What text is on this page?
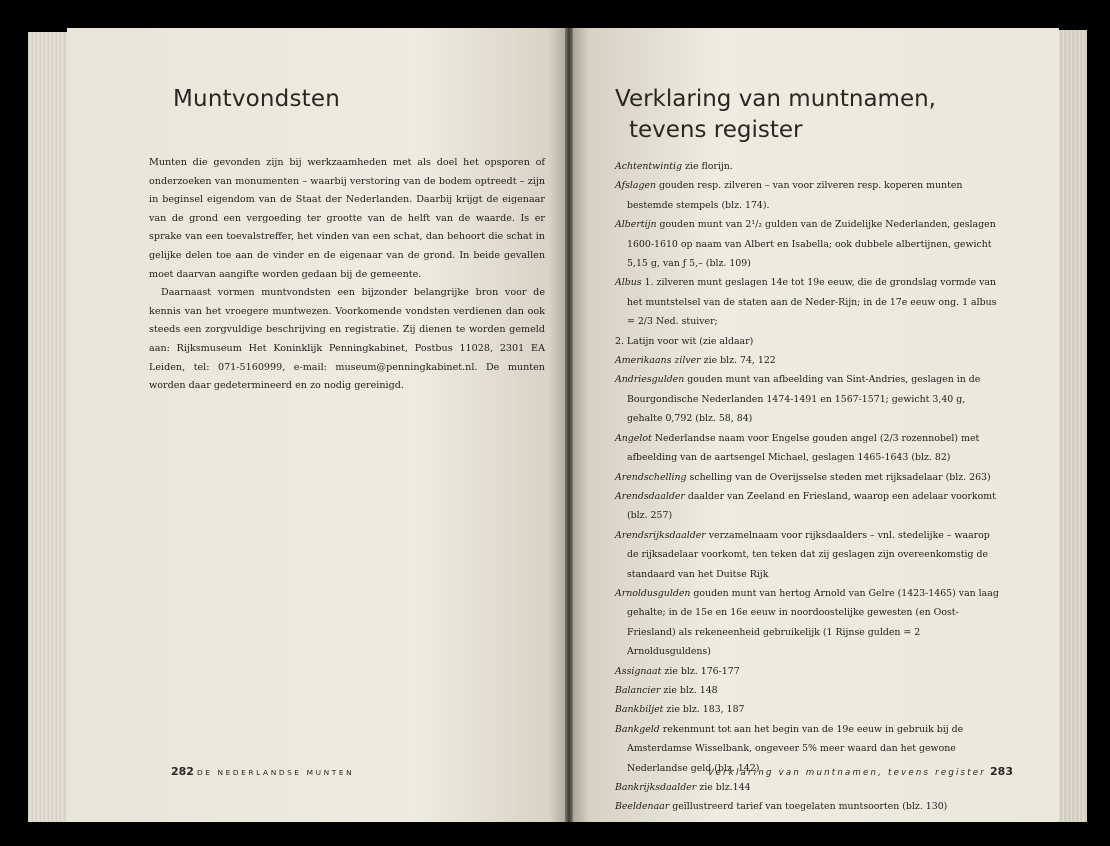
Muntvondsten

Munten die gevonden zijn bij werkzaamheden met als doel het opsporen of onderzoeken van monumenten – waarbij verstoring van de bodem optreedt – zijn in beginsel eigendom van de Staat der Nederlanden. Daarbij krijgt de eigenaar van de grond een vergoeding ter grootte van de helft van de waarde. Is er sprake van een toevalstreffer, het vinden van een schat, dan behoort die schat in gelijke delen toe aan de vinder en de eigenaar van de grond. In beide gevallen moet daarvan aangifte worden gedaan bij de gemeente.

Daarnaast vormen muntvondsten een bijzonder belangrijke bron voor de kennis van het vroegere muntwezen. Voorkomende vondsten verdienen dan ook steeds een zorgvuldige beschrijving en registratie. Zij dienen te worden gemeld aan: Rijksmuseum Het Koninklijk Penningkabinet, Postbus 11028, 2301 EA Leiden, tel: 071-5160999, e-mail: museum@penningkabinet.nl. De munten worden daar gedetermineerd en zo nodig gereinigd.

282 DE NEDERLANDSE MUNTEN
Verklaring van muntnamen,
tevens register
Achtentwintig zie florijn.
Afslagen gouden resp. zilveren – van voor zilveren resp. koperen munten bestemde stempels (blz. 174).
Albertijn gouden munt van 2¹/₂ gulden van de Zuidelijke Nederlanden, geslagen 1600-1610 op naam van Albert en Isabella; ook dubbele albertijnen, gewicht 5,15 g, van ƒ 5,– (blz. 109)
Albus 1. zilveren munt geslagen 14e tot 19e eeuw, die de grondslag vormde van het muntstelsel van de staten aan de Neder-Rijn; in de 17e eeuw ong. 1 albus = 2/3 Ned. stuiver;
2. Latijn voor wit (zie aldaar)
Amerikaans zilver zie blz. 74, 122
Andriesgulden gouden munt van afbeelding van Sint-Andries, geslagen in de Bourgondische Nederlanden 1474-1491 en 1567-1571; gewicht 3,40 g, gehalte 0,792 (blz. 58, 84)
Angelot Nederlandse naam voor Engelse gouden angel (2/3 rozennobel) met afbeelding van de aartsengel Michael, geslagen 1465-1643 (blz. 82)
Arendschelling schelling van de Overijsselse steden met rijksadelaar (blz. 263)
Arendsdaalder daalder van Zeeland en Friesland, waarop een adelaar voorkomt (blz. 257)
Arendsrijksdaalder verzamelnaam voor rijksdaalders – vnl. stedelijke – waarop de rijksadelaar voorkomt, ten teken dat zij geslagen zijn overeenkomstig de standaard van het Duitse Rijk
Arnoldusgulden gouden munt van hertog Arnold van Gelre (1423-1465) van laag gehalte; in de 15e en 16e eeuw in noordoostelijke gewesten (en Oost-Friesland) als rekeneenheid gebruikelijk (1 Rijnse gulden = 2 Arnoldusguldens)
Assignaat zie blz. 176-177
Balancier zie blz. 148
Bankbiljet zie blz. 183, 187
Bankgeld rekenmunt tot aan het begin van de 19e eeuw in gebruik bij de Amsterdamse Wisselbank, ongeveer 5% meer waard dan het gewone Nederlandse geld (blz. 142)
Bankrijksdaalder zie blz.144
Beeldenaar geïllustreerd tarief van toegelaten muntsoorten (blz. 130)
Verklaring van muntnamen, tevens register 283
